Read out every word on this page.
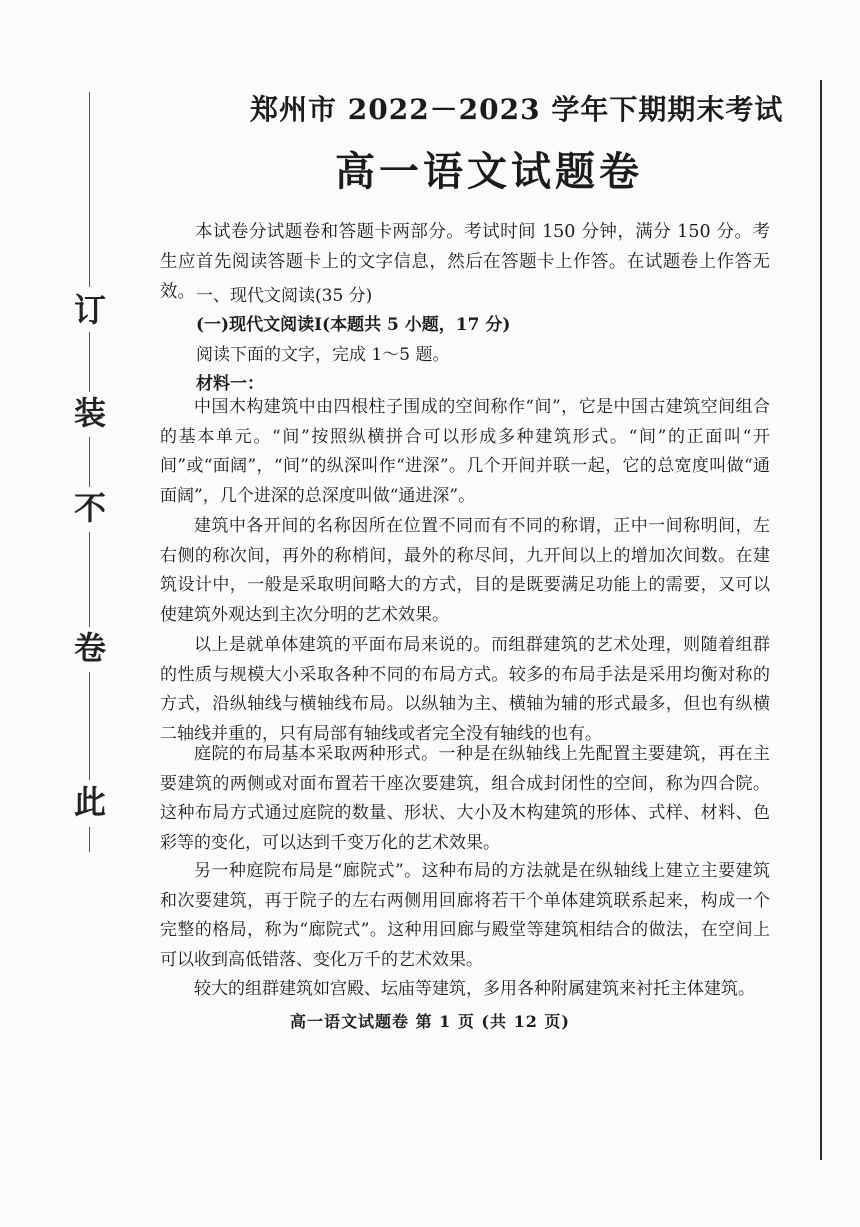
此
卷
不
装
订
郑州市 2022－2023 学年下期期末考试
高一语文试题卷
本试卷分试题卷和答题卡两部分。考试时间 150 分钟，满分 150 分。考生应首先阅读答题卡上的文字信息，然后在答题卡上作答。在试题卷上作答无效。 一、现代文阅读(35 分)
(一)现代文阅读Ⅰ(本题共 5 小题，17 分)
阅读下面的文字，完成 1～5 题。
材料一：
中国木构建筑中由四根柱子围成的空间称作“间”，它是中国古建筑空间组合的基本单元。“间”按照纵横拼合可以形成多种建筑形式。“间”的正面叫“开间”或“面阔”，“间”的纵深叫作“进深”。几个开间并联一起，它的总宽度叫做“通面阔”，几个进深的总深度叫做“通进深”。
建筑中各开间的名称因所在位置不同而有不同的称谓，正中一间称明间，左右侧的称次间，再外的称梢间，最外的称尽间，九开间以上的增加次间数。在建筑设计中，一般是采取明间略大的方式，目的是既要满足功能上的需要，又可以使建筑外观达到主次分明的艺术效果。
以上是就单体建筑的平面布局来说的。而组群建筑的艺术处理，则随着组群的性质与规模大小采取各种不同的布局方式。较多的布局手法是采用均衡对称的方式，沿纵轴线与横轴线布局。以纵轴为主、横轴为辅的形式最多，但也有纵横二轴线并重的，只有局部有轴线或者完全没有轴线的也有。
庭院的布局基本采取两种形式。一种是在纵轴线上先配置主要建筑，再在主要建筑的两侧或对面布置若干座次要建筑，组合成封闭性的空间，称为四合院。这种布局方式通过庭院的数量、形状、大小及木构建筑的形体、式样、材料、色彩等的变化，可以达到千变万化的艺术效果。
另一种庭院布局是“廊院式”。这种布局的方法就是在纵轴线上建立主要建筑和次要建筑，再于院子的左右两侧用回廊将若干个单体建筑联系起来，构成一个完整的格局，称为“廊院式”。这种用回廊与殿堂等建筑相结合的做法，在空间上可以收到高低错落、变化万千的艺术效果。
较大的组群建筑如宫殿、坛庙等建筑，多用各种附属建筑来衬托主体建筑。
高一语文试题卷 第 1 页 (共 12 页)
